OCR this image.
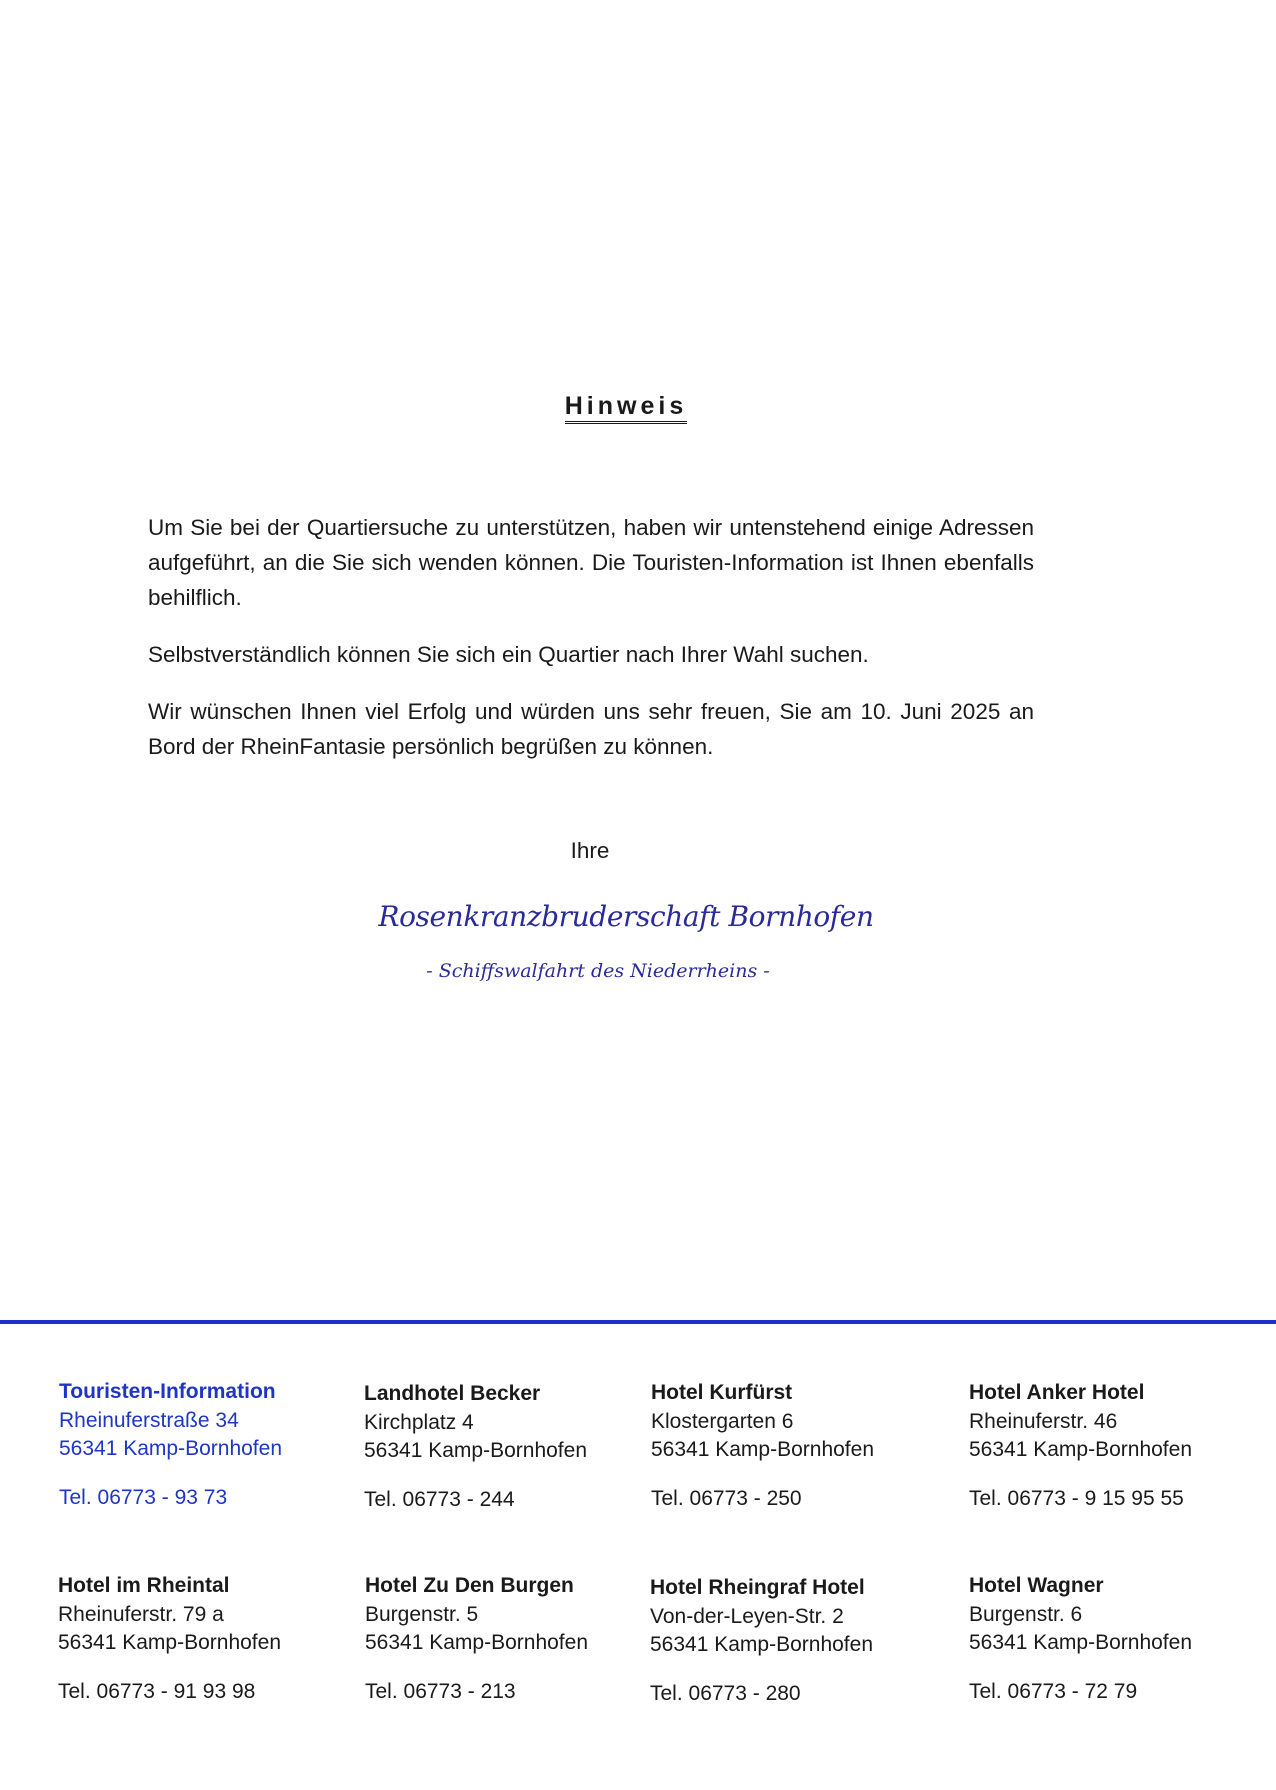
Hinweis

Um Sie bei der Quartiersuche zu unterstützen, haben wir untenstehend einige Adressen aufgeführt, an die Sie sich wenden können. Die Touristen-Information ist Ihnen ebenfalls behilflich.

Selbstverständlich können Sie sich ein Quartier nach Ihrer Wahl suchen.

Wir wünschen Ihnen viel Erfolg und würden uns sehr freuen, Sie am 10. Juni 2025 an Bord der RheinFantasie persönlich begrüßen zu können.

Ihre
Rosenkranzbruderschaft Bornhofen
- Schiffswalfahrt des Niederrheins -
Touristen-Information
Rheinuferstraße 34
56341 Kamp-Bornhofen
Tel. 06773 - 93 73
Landhotel Becker
Kirchplatz 4
56341 Kamp-Bornhofen
Tel. 06773 - 244
Hotel Kurfürst
Klostergarten 6
56341 Kamp-Bornhofen
Tel. 06773 - 250
Hotel Anker Hotel
Rheinuferstr. 46
56341 Kamp-Bornhofen
Tel. 06773 - 9 15 95 55
Hotel im Rheintal
Rheinuferstr. 79 a
56341 Kamp-Bornhofen
Tel. 06773 - 91 93 98
Hotel Zu Den Burgen
Burgenstr. 5
56341 Kamp-Bornhofen
Tel. 06773 - 213
Hotel Rheingraf Hotel
Von-der-Leyen-Str. 2
56341 Kamp-Bornhofen
Tel. 06773 - 280
Hotel Wagner
Burgenstr. 6
56341 Kamp-Bornhofen
Tel. 06773 - 72 79
